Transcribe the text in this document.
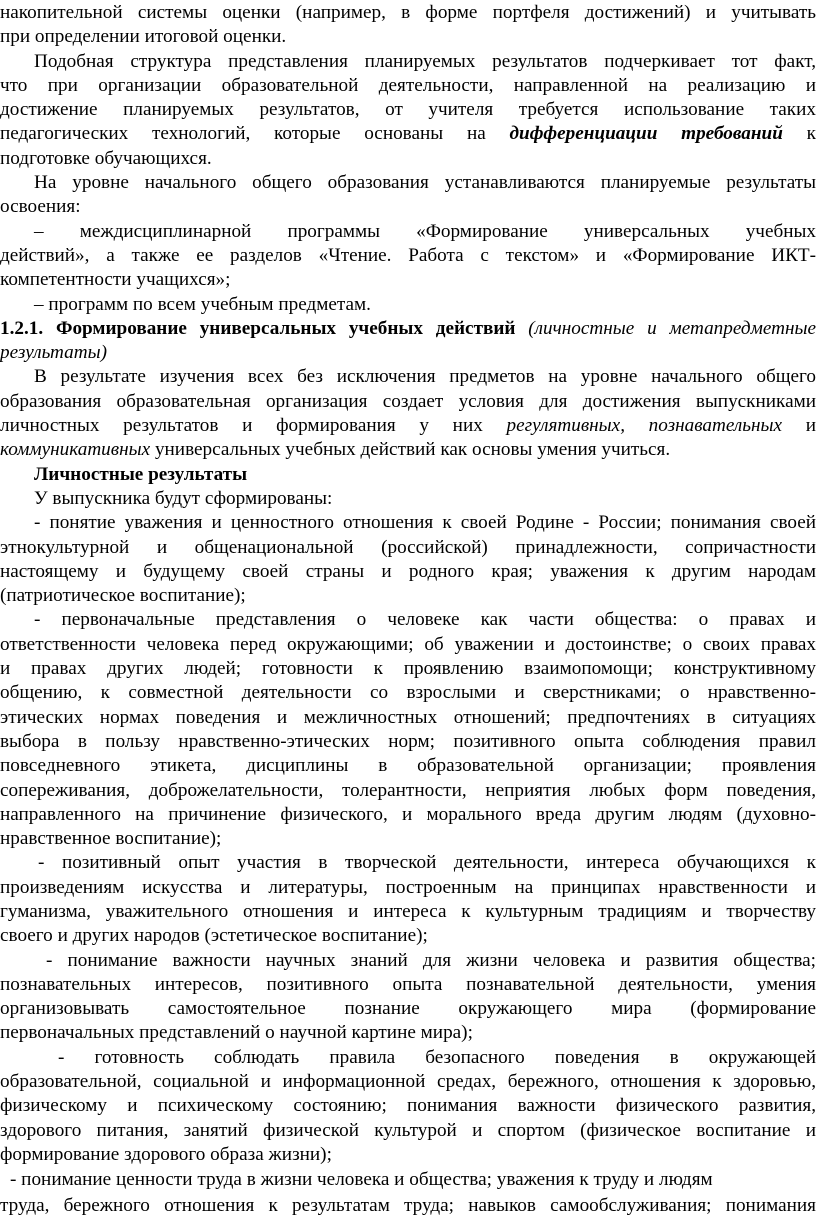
накопительной системы оценки (например, в форме портфеля достижений) и учитывать
при определении итоговой оценки.
Подобная структура представления планируемых результатов подчеркивает тот факт,
что при организации образовательной деятельности, направленной на реализацию и
достижение планируемых результатов, от учителя требуется использование таких
педагогических технологий, которые основаны на дифференциации требований к
подготовке обучающихся.
На уровне начального общего образования устанавливаются планируемые результаты
освоения:
– междисциплинарной программы «Формирование универсальных учебных
действий», а также ее разделов «Чтение. Работа с текстом» и «Формирование ИКТ-
компетентности учащихся»;
– программ по всем учебным предметам.
1.2.1. Формирование универсальных учебных действий (личностные и метапредметные
результаты)
В результате изучения всех без исключения предметов на уровне начального общего
образования образовательная организация создает условия для достижения выпускниками
личностных результатов и формирования у них регулятивных, познавательных и
коммуникативных универсальных учебных действий как основы умения учиться.
Личностные результаты
У выпускника будут сформированы:
- понятие уважения и ценностного отношения к своей Родине - России; понимания своей
этнокультурной и общенациональной (российской) принадлежности, сопричастности
настоящему и будущему своей страны и родного края; уважения к другим народам
(патриотическое воспитание);
- первоначальные представления о человеке как части общества: о правах и
ответственности человека перед окружающими; об уважении и достоинстве; о своих правах
и правах других людей; готовности к проявлению взаимопомощи; конструктивному
общению, к совместной деятельности со взрослыми и сверстниками; о нравственно-
этических нормах поведения и межличностных отношений; предпочтениях в ситуациях
выбора в пользу нравственно-этических норм; позитивного опыта соблюдения правил
повседневного этикета, дисциплины в образовательной организации; проявления
сопереживания, доброжелательности, толерантности, неприятия любых форм поведения,
направленного на причинение физического, и морального вреда другим людям (духовно-
нравственное воспитание);
- позитивный опыт участия в творческой деятельности, интереса обучающихся к
произведениям искусства и литературы, построенным на принципах нравственности и
гуманизма, уважительного отношения и интереса к культурным традициям и творчеству
своего и других народов (эстетическое воспитание);
- понимание важности научных знаний для жизни человека и развития общества;
познавательных интересов, позитивного опыта познавательной деятельности, умения
организовывать самостоятельное познание окружающего мира (формирование
первоначальных представлений о научной картине мира);
- готовность соблюдать правила безопасного поведения в окружающей
образовательной, социальной и информационной средах, бережного, отношения к здоровью,
физическому и психическому состоянию; понимания важности физического развития,
здорового питания, занятий физической культурой и спортом (физическое воспитание и
формирование здорового образа жизни);
- понимание ценности труда в жизни человека и общества; уважения к труду и людям
труда, бережного отношения к результатам труда; навыков самообслуживания; понимания
